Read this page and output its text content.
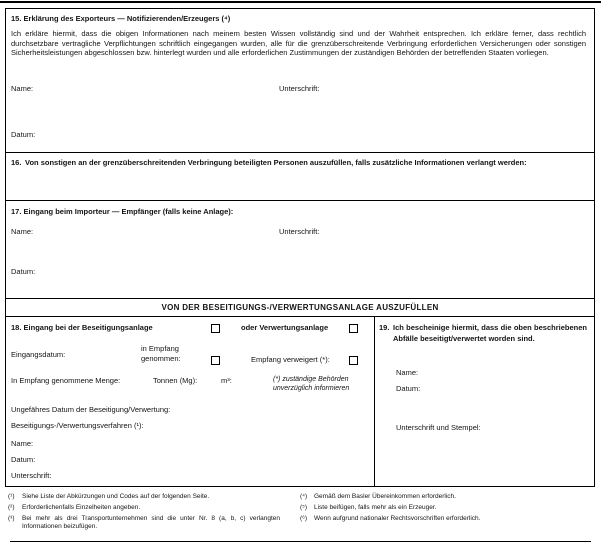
15. Erklärung des Exporteurs — Notifizierenden/Erzeugers (⁴)
Ich erkläre hiermit, dass die obigen Informationen nach meinem besten Wissen vollständig sind und der Wahrheit entsprechen. Ich erkläre ferner, dass rechtlich durchsetzbare vertragliche Verpflichtungen schriftlich eingegangen wurden, alle für die grenzüberschreitende Verbringung erforderlichen Versicherungen oder sonstigen Sicherheitsleistungen abgeschlossen bzw. hinterlegt wurden und alle erforderlichen Zustimmungen der zuständigen Behörden der betreffenden Staaten vorliegen.
Name:	Unterschrift:
Datum:
16. Von sonstigen an der grenzüberschreitenden Verbringung beteiligten Personen auszufüllen, falls zusätzliche Informationen verlangt werden:
17. Eingang beim Importeur — Empfänger (falls keine Anlage):
Name:	Unterschrift:
Datum:
VON DER BESEITIGUNGS-/VERWERTUNGSANLAGE AUSZUFÜLLEN
18. Eingang bei der Beseitigungsanlage	oder Verwertungsanlage
Eingangsdatum:
in Empfang genommen:	Empfang verweigert (*):
In Empfang genommene Menge:	Tonnen (Mg):	m³:	(*) zuständige Behörden unverzüglich informieren
Ungefähres Datum der Beseitigung/Verwertung:
Beseitigungs-/Verwertungsverfahren (¹):
Name:
Datum:
Unterschrift:
19. Ich bescheinige hiermit, dass die oben beschriebenen Abfälle beseitigt/verwertet worden sind.
Name:
Datum:
Unterschrift und Stempel:
(¹)	Siehe Liste der Abkürzungen und Codes auf der folgenden Seite.
(²)	Erforderlichenfalls Einzelheiten angeben.
(³)	Bei mehr als drei Transportunternehmen sind die unter Nr. 8 (a, b, c) verlangten Informationen beizufügen.
(⁴)	Gemäß dem Basler Übereinkommen erforderlich.
(⁵)	Liste beifügen, falls mehr als ein Erzeuger.
(⁶)	Wenn aufgrund nationaler Rechtsvorschriften erforderlich.
